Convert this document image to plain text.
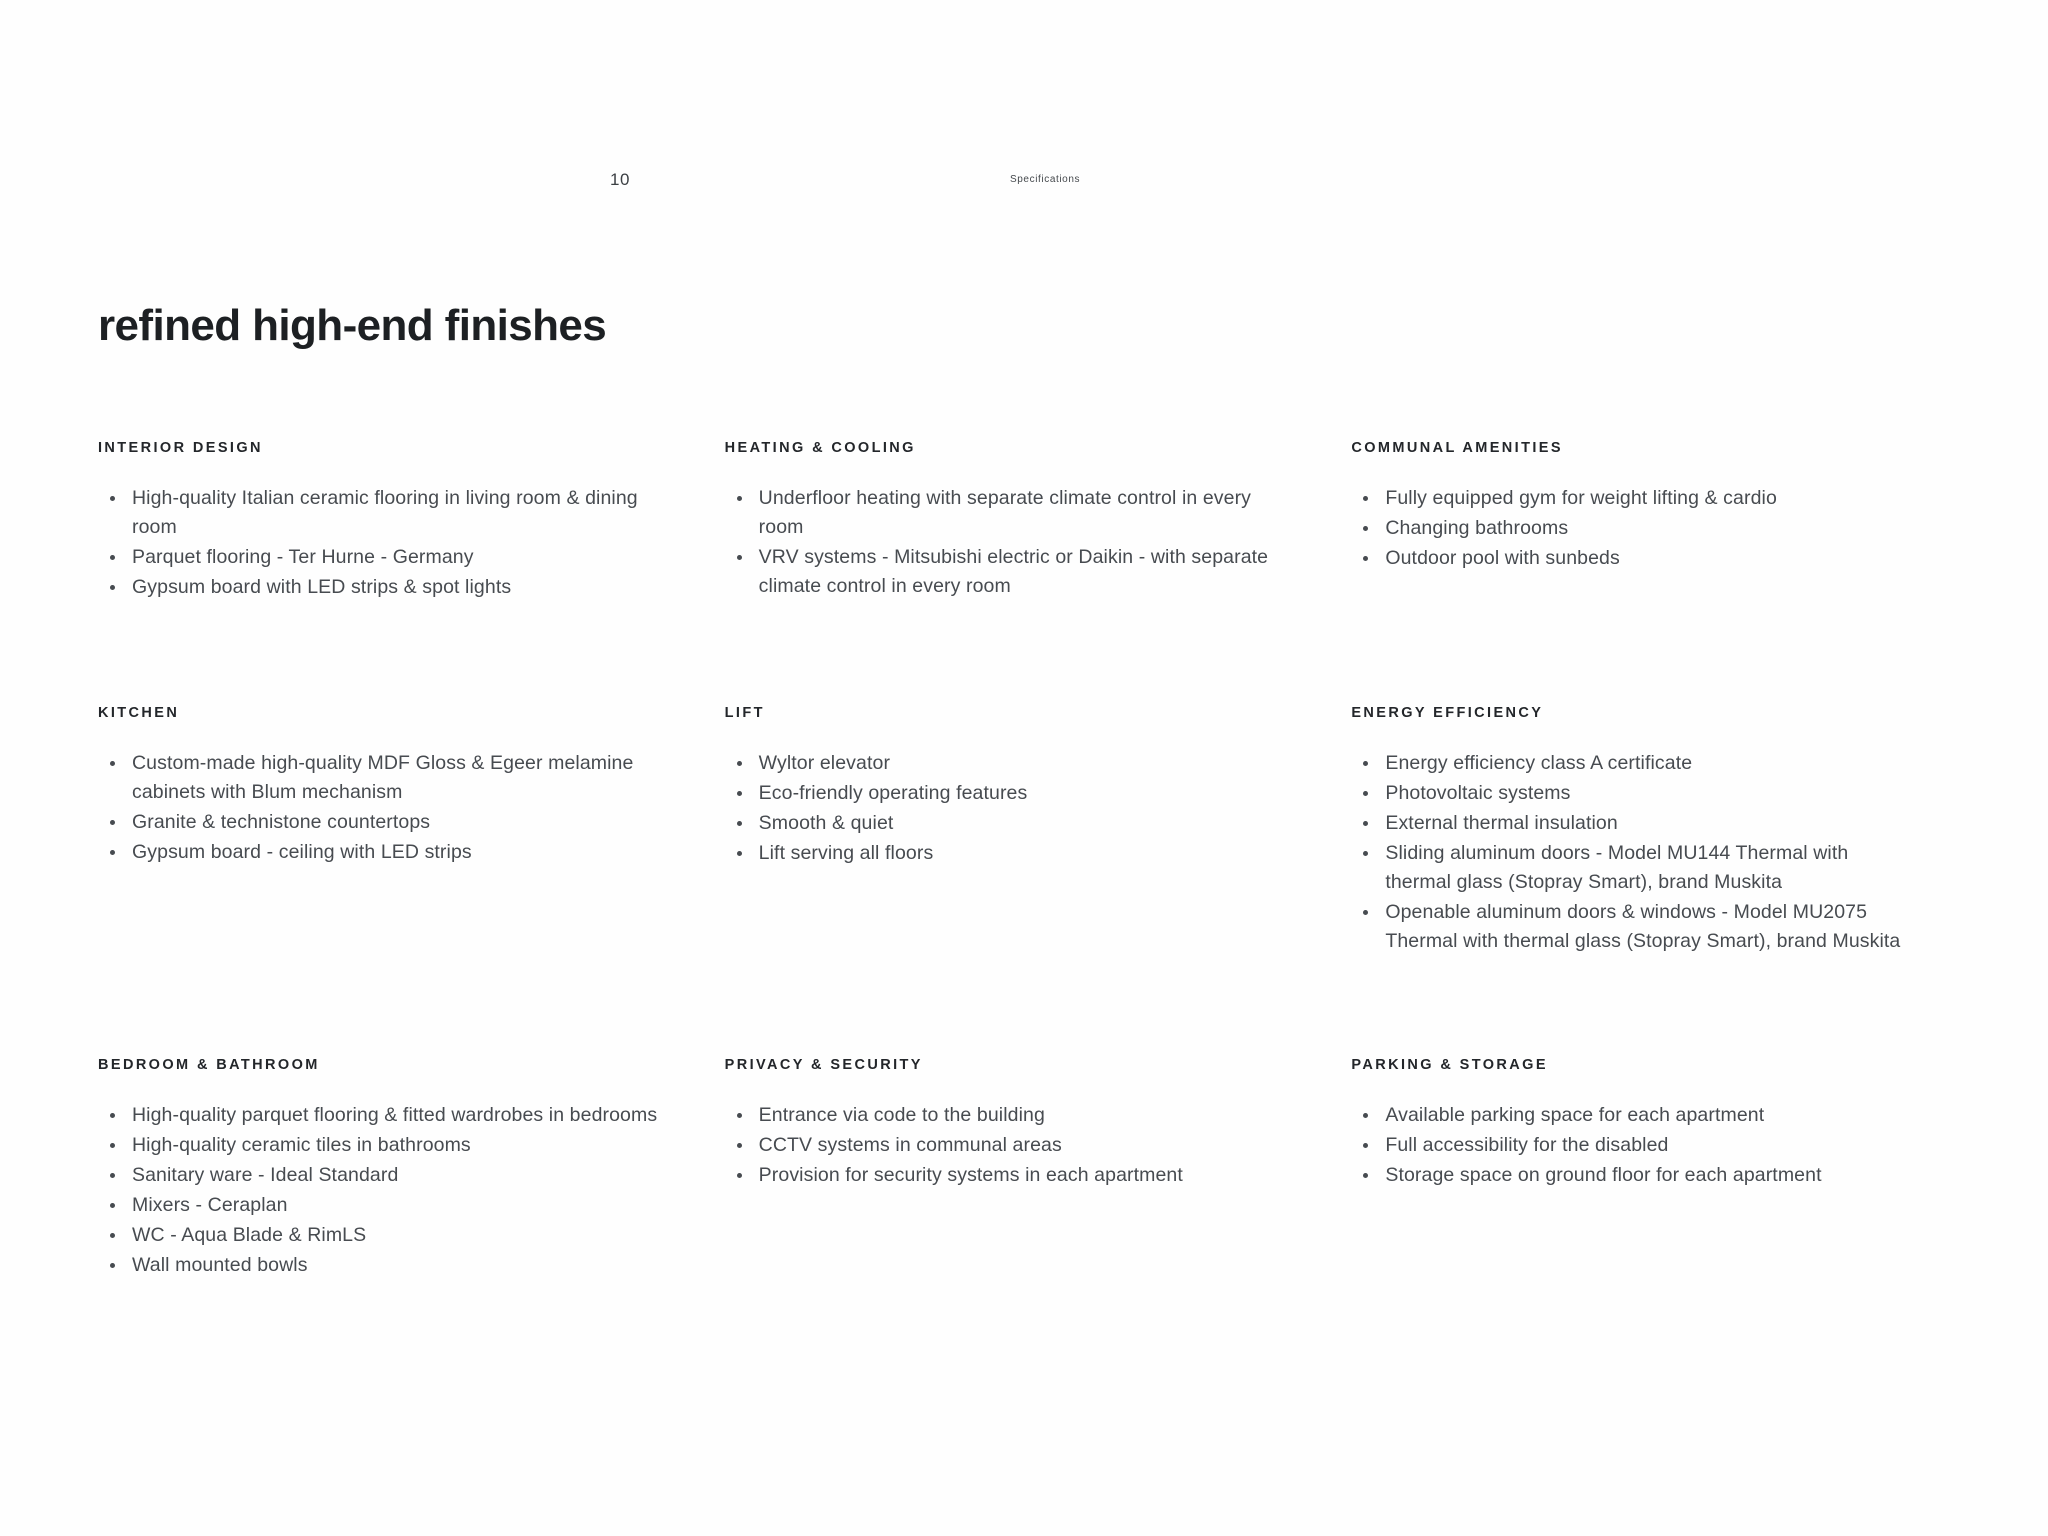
10	Specifications
refined high-end finishes
INTERIOR DESIGN
High-quality Italian ceramic flooring in living room & dining room
Parquet flooring - Ter Hurne - Germany
Gypsum board with LED strips & spot lights
HEATING & COOLING
Underfloor heating with separate climate control in every room
VRV systems - Mitsubishi electric or Daikin - with separate climate control in every room
COMMUNAL AMENITIES
Fully equipped gym for weight lifting & cardio
Changing bathrooms
Outdoor pool with sunbeds
KITCHEN
Custom-made high-quality MDF Gloss & Egeer melamine cabinets with Blum mechanism
Granite & technistone countertops
Gypsum board - ceiling with LED strips
LIFT
Wyltor elevator
Eco-friendly operating features
Smooth & quiet
Lift serving all floors
ENERGY EFFICIENCY
Energy efficiency class A certificate
Photovoltaic systems
External thermal insulation
Sliding aluminum doors - Model MU144 Thermal with thermal glass (Stopray Smart), brand Muskita
Openable aluminum doors & windows - Model MU2075 Thermal with thermal glass (Stopray Smart), brand Muskita
BEDROOM & BATHROOM
High-quality parquet flooring & fitted wardrobes in bedrooms
High-quality ceramic tiles in bathrooms
Sanitary ware - Ideal Standard
Mixers - Ceraplan
WC - Aqua Blade & RimLS
Wall mounted bowls
PRIVACY & SECURITY
Entrance via code to the building
CCTV systems in communal areas
Provision for security systems in each apartment
PARKING & STORAGE
Available parking space for each apartment
Full accessibility for the disabled
Storage space on ground floor for each apartment
